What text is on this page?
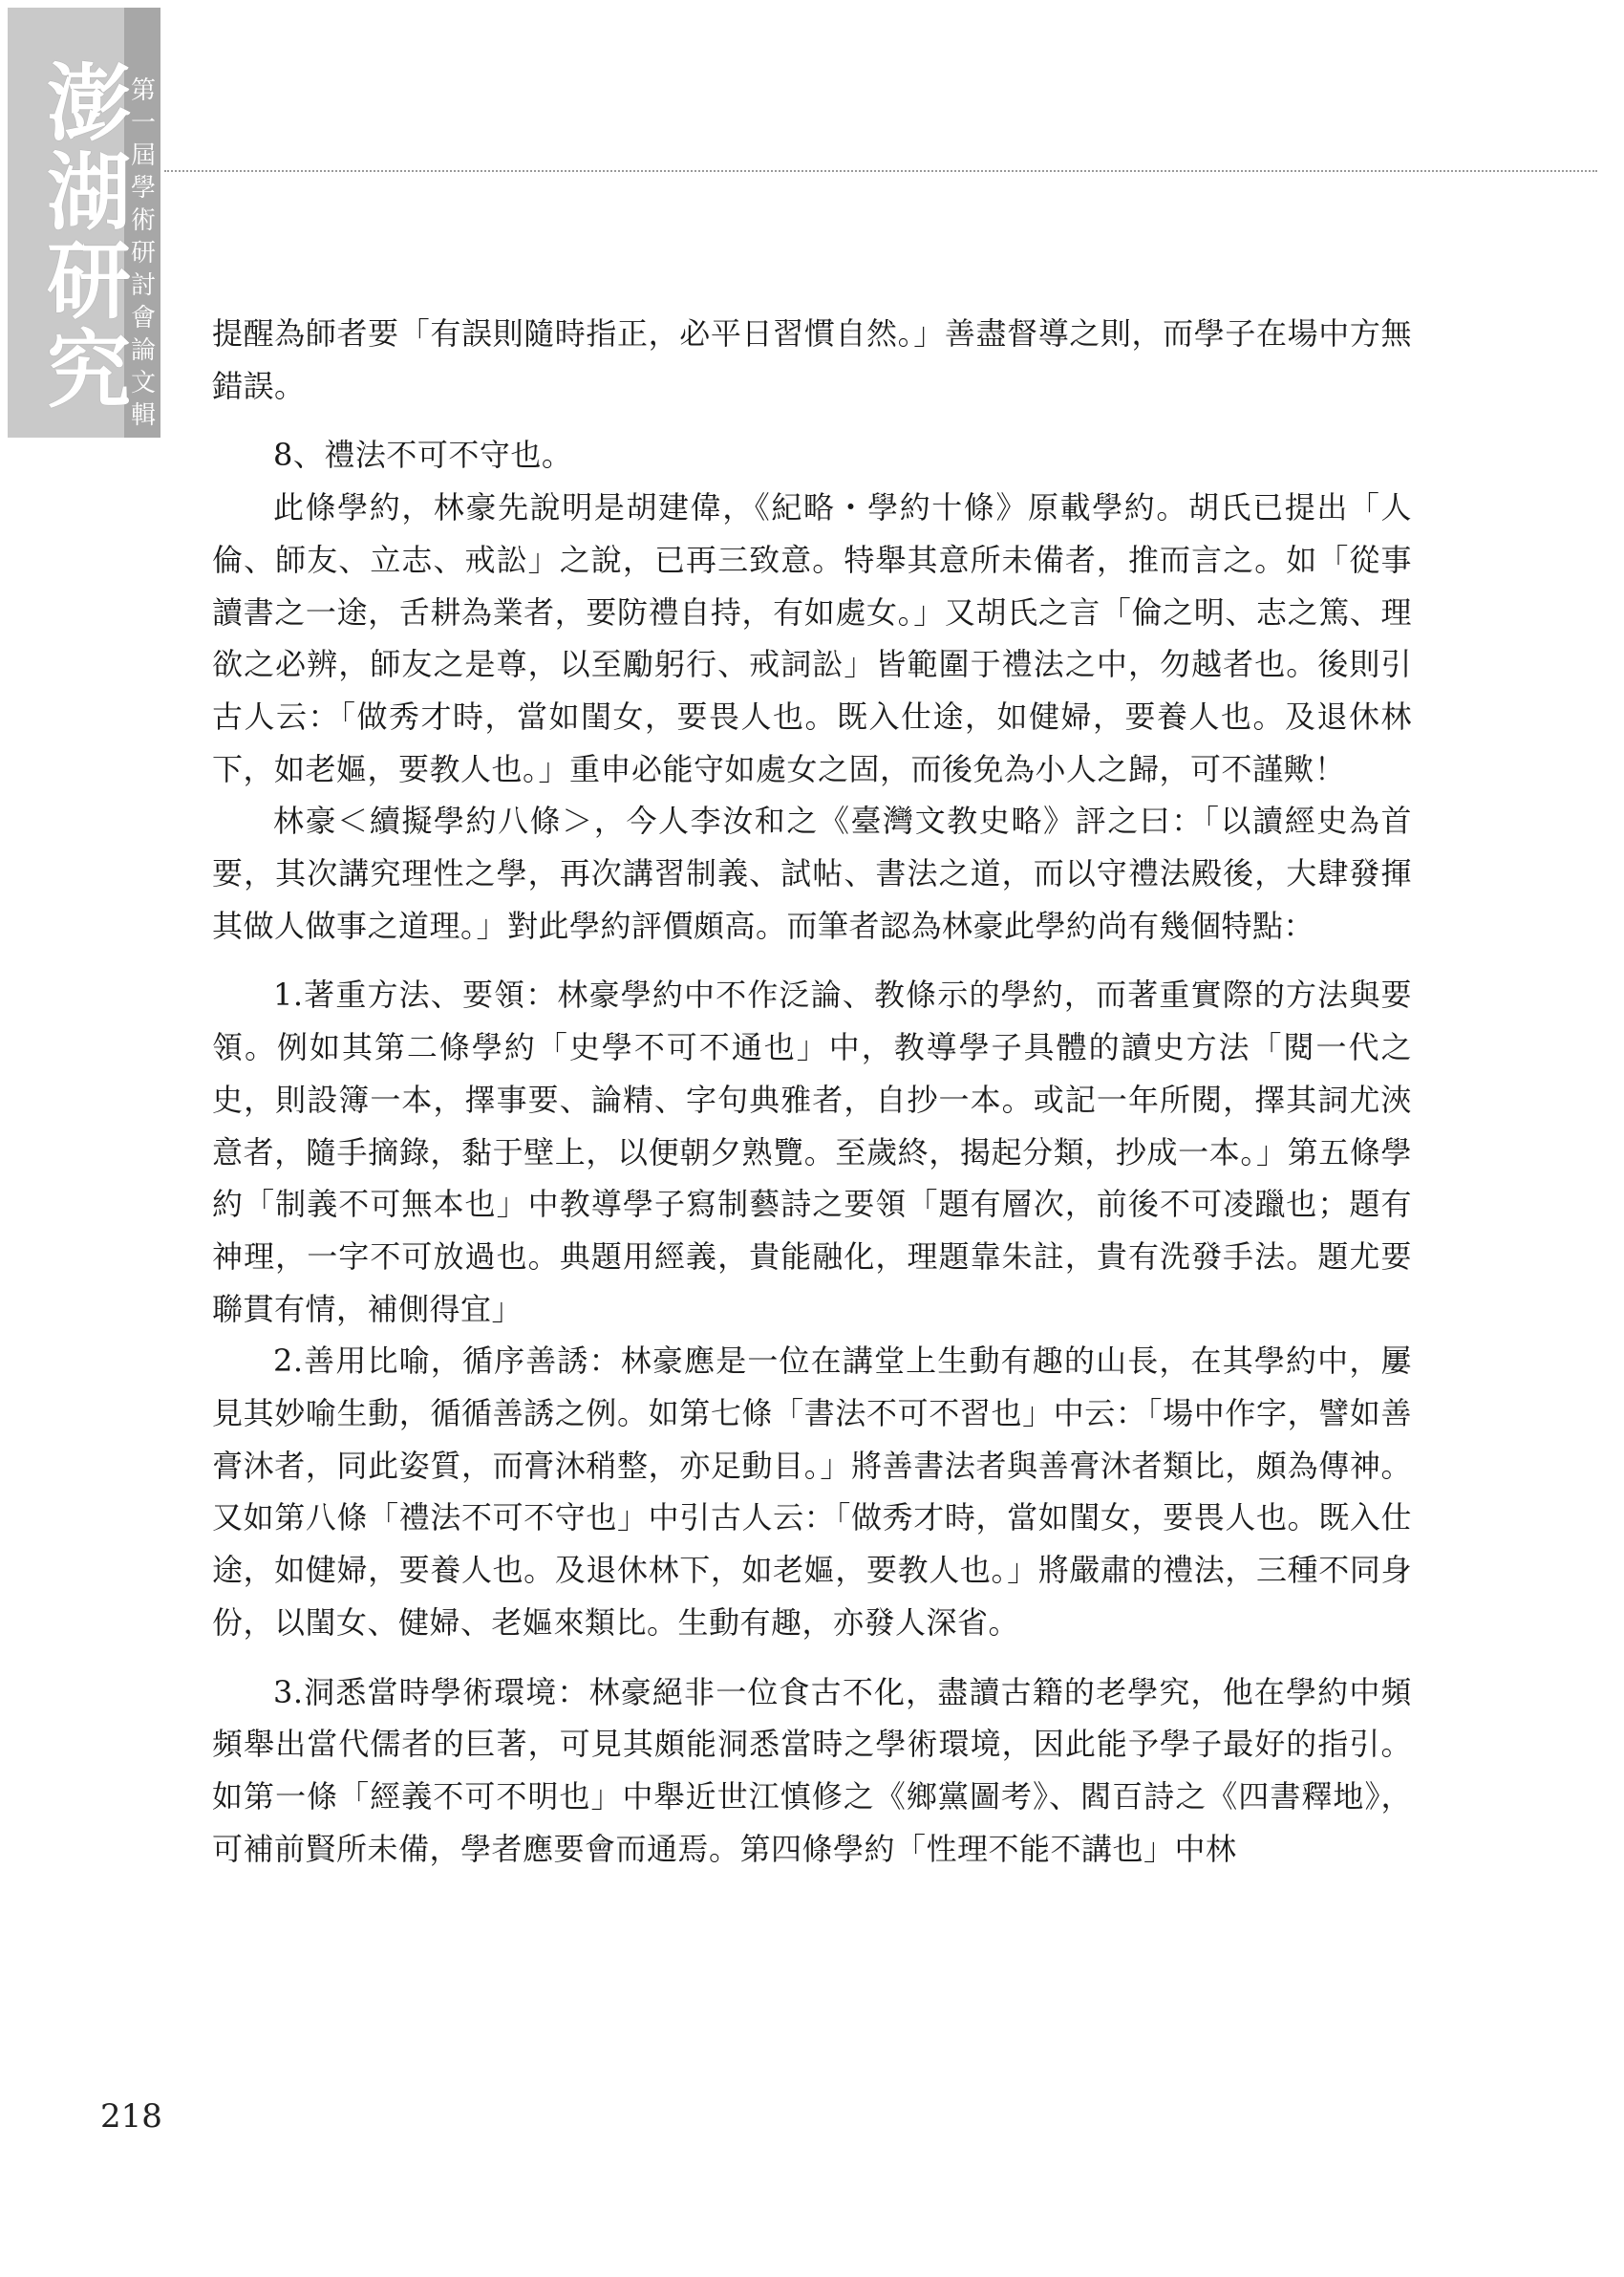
澎湖研究
第一屆學術研討會論文輯

提醒為師者要「有誤則隨時指正，必平日習慣自然。」善盡督導之則，而學子在場中方無錯誤。

8、禮法不可不守也。

此條學約，林豪先說明是胡建偉，《紀略・學約十條》原載學約。胡氏已提出「人倫、師友、立志、戒訟」之說，已再三致意。特舉其意所未備者，推而言之。如「從事讀書之一途，舌耕為業者，要防禮自持，有如處女。」又胡氏之言「倫之明、志之篤、理欲之必辨，師友之是尊，以至勵躬行、戒詞訟」皆範圍于禮法之中，勿越者也。後則引古人云：「做秀才時，當如閨女，要畏人也。既入仕途，如健婦，要養人也。及退休林下，如老嫗，要教人也。」重申必能守如處女之固，而後免為小人之歸，可不謹歟！

林豪＜續擬學約八條＞，今人李汝和之《臺灣文教史略》評之曰：「以讀經史為首要，其次講究理性之學，再次講習制義、試帖、書法之道，而以守禮法殿後，大肆發揮其做人做事之道理。」對此學約評價頗高。而筆者認為林豪此學約尚有幾個特點：

1.著重方法、要領：林豪學約中不作泛論、教條示的學約，而著重實際的方法與要領。例如其第二條學約「史學不可不通也」中，教導學子具體的讀史方法「閱一代之史，則設簿一本，擇事要、論精、字句典雅者，自抄一本。或記一年所閱，擇其詞尤浹意者，隨手摘錄，黏于壁上，以便朝夕熟覽。至歲終，揭起分類，抄成一本。」第五條學約「制義不可無本也」中教導學子寫制藝詩之要領「題有層次，前後不可凌躐也；題有神理，一字不可放過也。典題用經義，貴能融化，理題靠朱註，貴有洗發手法。題尤要聯貫有情，補側得宜」

2.善用比喻，循序善誘：林豪應是一位在講堂上生動有趣的山長，在其學約中，屢見其妙喻生動，循循善誘之例。如第七條「書法不可不習也」中云：「場中作字，譬如善膏沐者，同此姿質，而膏沐稍整，亦足動目。」將善書法者與善膏沐者類比，頗為傳神。又如第八條「禮法不可不守也」中引古人云：「做秀才時，當如閨女，要畏人也。既入仕途，如健婦，要養人也。及退休林下，如老嫗，要教人也。」將嚴肅的禮法，三種不同身份，以閨女、健婦、老嫗來類比。生動有趣，亦發人深省。

3.洞悉當時學術環境：林豪絕非一位食古不化，盡讀古籍的老學究，他在學約中頻頻舉出當代儒者的巨著，可見其頗能洞悉當時之學術環境，因此能予學子最好的指引。如第一條「經義不可不明也」中舉近世江慎修之《鄉黨圖考》、閻百詩之《四書釋地》，可補前賢所未備，學者應要會而通焉。第四條學約「性理不能不講也」中林

218
